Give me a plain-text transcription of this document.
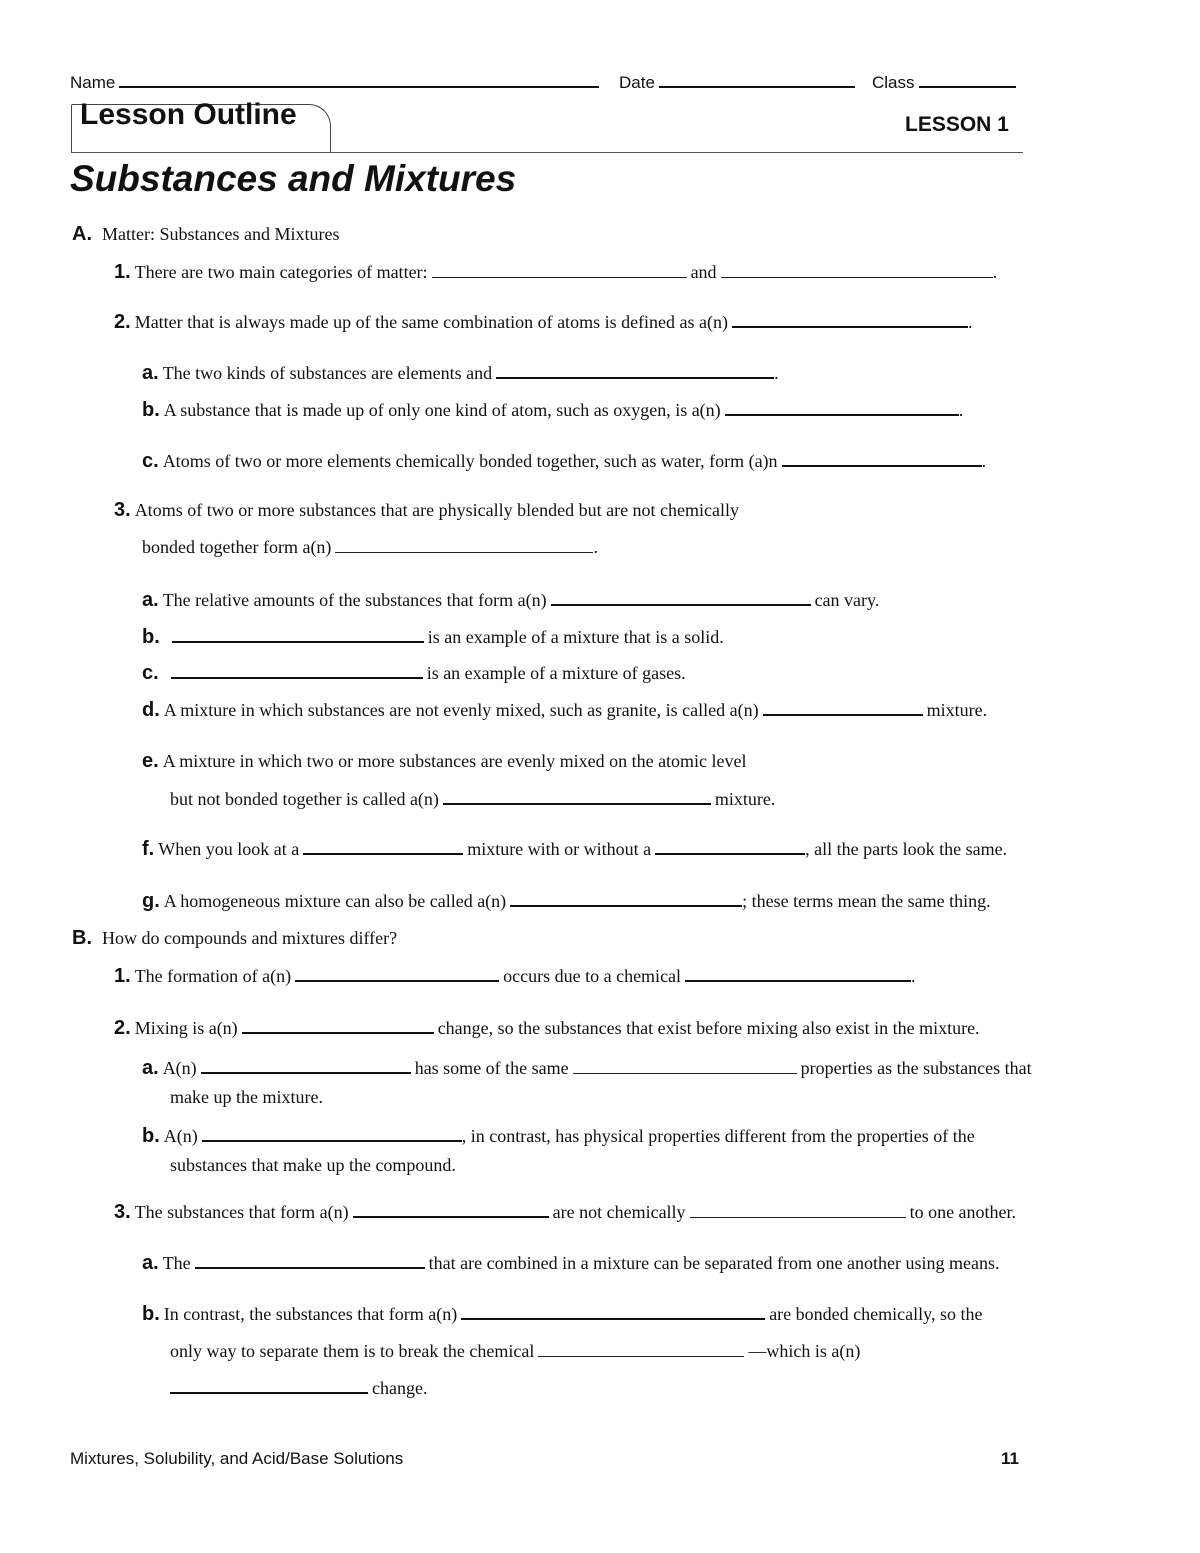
Name	Date	Class
Lesson Outline	LESSON 1
Substances and Mixtures
A. Matter: Substances and Mixtures
1. There are two main categories of matter:	and	.
2. Matter that is always made up of the same combination of atoms is defined as a(n)	.
a. The two kinds of substances are elements and	.
b. A substance that is made up of only one kind of atom, such as oxygen, is a(n)	.
c. Atoms of two or more elements chemically bonded together, such as water, form (a)n	.
3. Atoms of two or more substances that are physically blended but are not chemically
bonded together form a(n)	.
a. The relative amounts of the substances that form a(n)	can vary.
b.	is an example of a mixture that is a solid.
c.	is an example of a mixture of gases.
d. A mixture in which substances are not evenly mixed, such as granite, is called a(n)	mixture.
e. A mixture in which two or more substances are evenly mixed on the atomic level
but not bonded together is called a(n)	mixture.
f. When you look at a	mixture with or without a	, all the parts look the same.
g. A homogeneous mixture can also be called a(n)	; these terms mean the same thing.
B. How do compounds and mixtures differ?
1. The formation of a(n)	occurs due to a chemical	.
2. Mixing is a(n)	change, so the substances that exist before mixing also exist in the mixture.
a. A(n)	has some of the same	properties as the substances that
make up the mixture.
b. A(n)	, in contrast, has physical properties different from the properties of the
substances that make up the compound.
3. The substances that form a(n)	are not chemically	to one another.
a. The	that are combined in a mixture can be separated from one another using means.
b. In contrast, the substances that form a(n)	are bonded chemically, so the
only way to separate them is to break the chemical	—which is a(n)
change.
Mixtures, Solubility, and Acid/Base Solutions	11
